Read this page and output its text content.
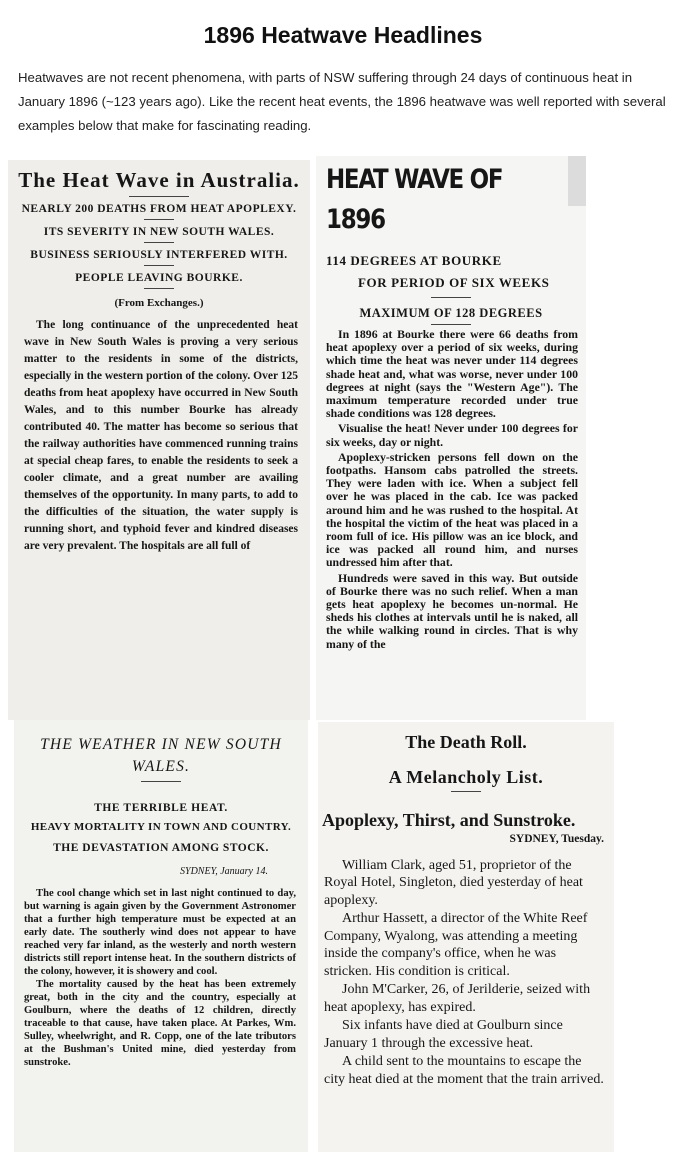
1896 Heatwave Headlines
Heatwaves are not recent phenomena, with parts of NSW suffering through 24 days of continuous heat in January 1896 (~123 years ago). Like the recent heat events, the 1896 heatwave was well reported with several examples below that make for fascinating reading.

The Heat Wave in Australia.

NEARLY 200 DEATHS FROM HEAT APOPLEXY.

ITS SEVERITY IN NEW SOUTH WALES.

BUSINESS SERIOUSLY INTERFERED WITH.

PEOPLE LEAVING BOURKE.

(From Exchanges.)

The long continuance of the unprecedented heat wave in New South Wales is proving a very serious matter to the residents in some of the districts, especially in the western portion of the colony. Over 125 deaths from heat apoplexy have occurred in New South Wales, and to this number Bourke has already contributed 40. The matter has become so serious that the railway authorities have commenced running trains at special cheap fares, to enable the residents to seek a cooler climate, and a great number are availing themselves of the opportunity. In many parts, to add to the difficulties of the situation, the water supply is running short, and typhoid fever and kindred diseases are very prevalent. The hospitals are all full of

HEAT WAVE OF 1896

114 DEGREES AT BOURKE

FOR PERIOD OF SIX WEEKS

MAXIMUM OF 128 DEGREES

In 1896 at Bourke there were 66 deaths from heat apoplexy over a period of six weeks, during which time the heat was never under 114 degrees shade heat and, what was worse, never under 100 degrees at night (says the "Western Age"). The maximum temperature recorded under true shade conditions was 128 degrees.

Visualise the heat! Never under 100 degrees for six weeks, day or night.

Apoplexy-stricken persons fell down on the footpaths. Hansom cabs patrolled the streets. They were laden with ice. When a subject fell over he was placed in the cab. Ice was packed around him and he was rushed to the hospital. At the hospital the victim of the heat was placed in a room full of ice. His pillow was an ice block, and ice was packed all round him, and nurses undressed him after that.

Hundreds were saved in this way. But outside of Bourke there was no such relief. When a man gets heat apoplexy he becomes un-normal. He sheds his clothes at intervals until he is naked, all the while walking round in circles. That is why many of the

THE WEATHER IN NEW SOUTH WALES.

THE TERRIBLE HEAT.

HEAVY MORTALITY IN TOWN AND COUNTRY.

THE DEVASTATION AMONG STOCK.

SYDNEY, January 14.

The cool change which set in last night continued to day, but warning is again given by the Government Astronomer that a further high temperature must be expected at an early date. The southerly wind does not appear to have reached very far inland, as the westerly and north western districts still report intense heat. In the southern districts of the colony, however, it is showery and cool.

The mortality caused by the heat has been extremely great, both in the city and the country, especially at Goulburn, where the deaths of 12 children, directly traceable to that cause, have taken place. At Parkes, Wm. Sulley, wheelwright, and R. Copp, one of the late tributors at the Bushman's United mine, died yesterday from sunstroke.

The Death Roll.

A Melancholy List.

Apoplexy, Thirst, and Sunstroke.

SYDNEY, Tuesday.

William Clark, aged 51, proprietor of the Royal Hotel, Singleton, died yesterday of heat apoplexy.

Arthur Hassett, a director of the White Reef Company, Wyalong, was attending a meeting inside the company's office, when he was stricken. His condition is critical.

John M'Carker, 26, of Jerilderie, seized with heat apoplexy, has expired.

Six infants have died at Goulburn since January 1 through the excessive heat.

A child sent to the mountains to escape the city heat died at the moment that the train arrived.
